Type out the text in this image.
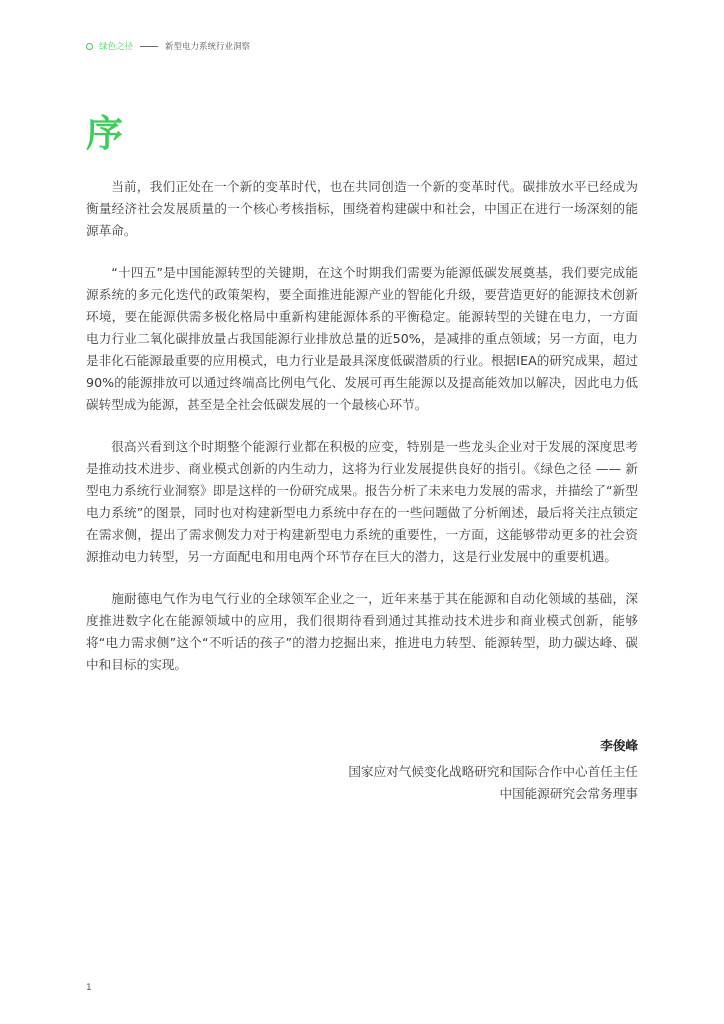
绿色之径	新型电力系统行业洞察
序

当前，我们正处在一个新的变革时代，也在共同创造一个新的变革时代。碳排放水平已经成为衡量经济社会发展质量的一个核心考核指标，围绕着构建碳中和社会，中国正在进行一场深刻的能源革命。

“十四五”是中国能源转型的关键期，在这个时期我们需要为能源低碳发展奠基，我们要完成能源系统的多元化迭代的政策架构，要全面推进能源产业的智能化升级，要营造更好的能源技术创新环境，要在能源供需多极化格局中重新构建能源体系的平衡稳定。能源转型的关键在电力，一方面电力行业二氧化碳排放量占我国能源行业排放总量的近50%，是减排的重点领域；另一方面，电力是非化石能源最重要的应用模式，电力行业是最具深度低碳潜质的行业。根据IEA的研究成果，超过90%的能源排放可以通过终端高比例电气化、发展可再生能源以及提高能效加以解决，因此电力低碳转型成为能源，甚至是全社会低碳发展的一个最核心环节。

很高兴看到这个时期整个能源行业都在积极的应变，特别是一些龙头企业对于发展的深度思考是推动技术进步、商业模式创新的内生动力，这将为行业发展提供良好的指引。《绿色之径 —— 新型电力系统行业洞察》即是这样的一份研究成果。报告分析了未来电力发展的需求，并描绘了“新型电力系统”的图景，同时也对构建新型电力系统中存在的一些问题做了分析阐述，最后将关注点锁定在需求侧，提出了需求侧发力对于构建新型电力系统的重要性，一方面，这能够带动更多的社会资源推动电力转型，另一方面配电和用电两个环节存在巨大的潜力，这是行业发展中的重要机遇。

施耐德电气作为电气行业的全球领军企业之一，近年来基于其在能源和自动化领域的基础，深度推进数字化在能源领域中的应用，我们很期待看到通过其推动技术进步和商业模式创新，能够将“电力需求侧”这个“不听话的孩子”的潜力挖掘出来，推进电力转型、能源转型，助力碳达峰、碳中和目标的实现。

李俊峰
国家应对气候变化战略研究和国际合作中心首任主任
中国能源研究会常务理事
1
